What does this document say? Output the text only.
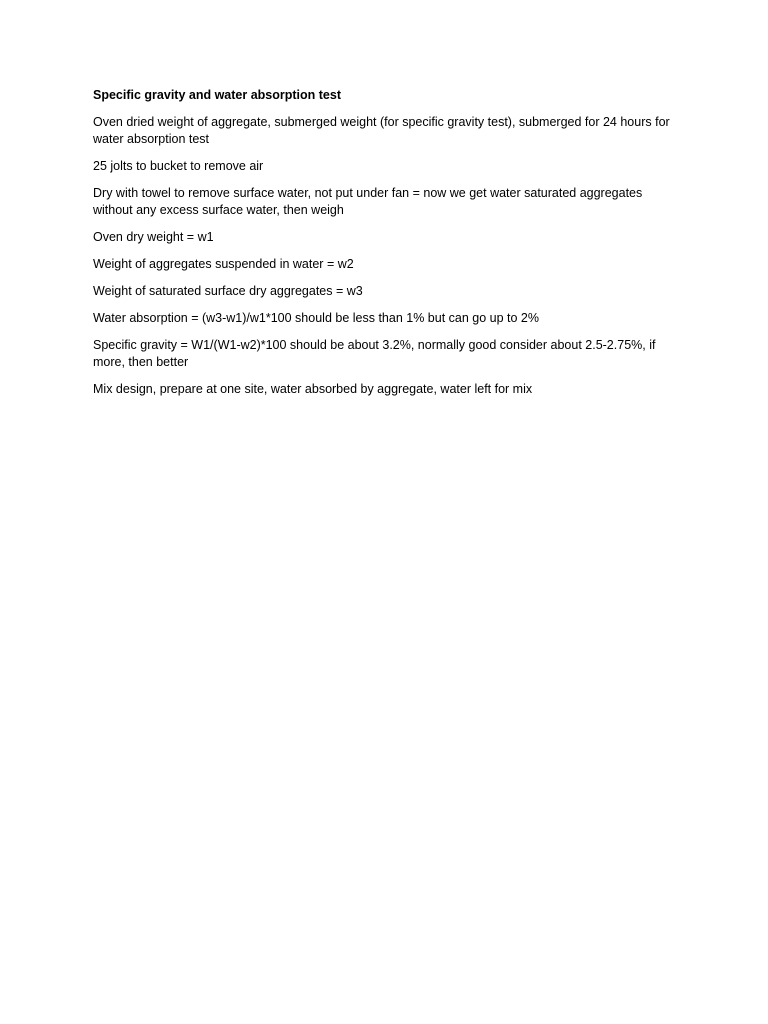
Specific gravity and water absorption test

Oven dried weight of aggregate, submerged weight (for specific gravity test), submerged for 24 hours for water absorption test

25 jolts to bucket to remove air

Dry with towel to remove surface water, not put under fan = now we get water saturated aggregates without any excess surface water, then weigh

Oven dry weight = w1

Weight of aggregates suspended in water = w2

Weight of saturated surface dry aggregates = w3

Water absorption = (w3-w1)/w1*100 should be less than 1% but can go up to 2%

Specific gravity = W1/(W1-w2)*100 should be about 3.2%, normally good consider about 2.5-2.75%, if more, then better

Mix design, prepare at one site, water absorbed by aggregate, water left for mix
